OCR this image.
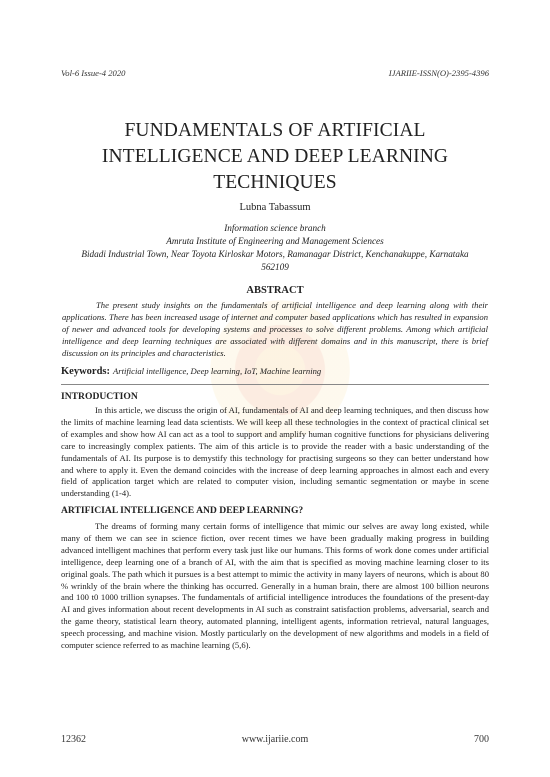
Vol-6 Issue-4 2020	IJARIIE-ISSN(O)-2395-4396
FUNDAMENTALS OF ARTIFICIAL
INTELLIGENCE AND DEEP LEARNING
TECHNIQUES
Lubna Tabassum
Information science branch
Amruta Institute of Engineering and Management Sciences
Bidadi Industrial Town, Near Toyota Kirloskar Motors, Ramanagar District, Kenchanakuppe, Karnataka
562109
ABSTRACT
The present study insights on the fundamentals of artificial intelligence and deep learning along with their applications. There has been increased usage of internet and computer based applications which has resulted in expansion of newer and advanced tools for developing systems and processes to solve different problems. Among which artificial intelligence and deep learning techniques are associated with different domains and in this manuscript, there is brief discussion on its principles and characteristics.
Keywords: Artificial intelligence, Deep learning, IoT, Machine learning
INTRODUCTION
In this article, we discuss the origin of AI, fundamentals of AI and deep learning techniques, and then discuss how the limits of machine learning lead data scientists. We will keep all these technologies in the context of practical clinical set of examples and show how AI can act as a tool to support and amplify human cognitive functions for physicians delivering care to increasingly complex patients. The aim of this article is to provide the reader with a basic understanding of the fundamentals of AI. Its purpose is to demystify this technology for practising surgeons so they can better understand how and where to apply it. Even the demand coincides with the increase of deep learning approaches in almost each and every field of application target which are related to computer vision, including semantic segmentation or maybe in scene understanding (1-4).
ARTIFICIAL INTELLIGENCE AND DEEP LEARNING?
The dreams of forming many certain forms of intelligence that mimic our selves are away long existed, while many of them we can see in science fiction, over recent times we have been gradually making progress in building advanced intelligent machines that perform every task just like our humans. This forms of work done comes under artificial intelligence, deep learning one of a branch of AI, with the aim that is specified as moving machine learning closer to its original goals. The path which it pursues is a best attempt to mimic the activity in many layers of neurons, which is about 80 % wrinkly of the brain where the thinking has occurred. Generally in a human brain, there are almost 100 billion neurons and 100 t0 1000 trillion synapses. The fundamentals of artificial intelligence introduces the foundations of the present-day AI and gives information about recent developments in AI such as constraint satisfaction problems, adversarial, search and the game theory, statistical learn theory, automated planning, intelligent agents, information retrieval, natural languages, speech processing, and machine vision. Mostly particularly on the development of new algorithms and models in a field of computer science referred to as machine learning (5,6).
12362	www.ijariie.com	700
